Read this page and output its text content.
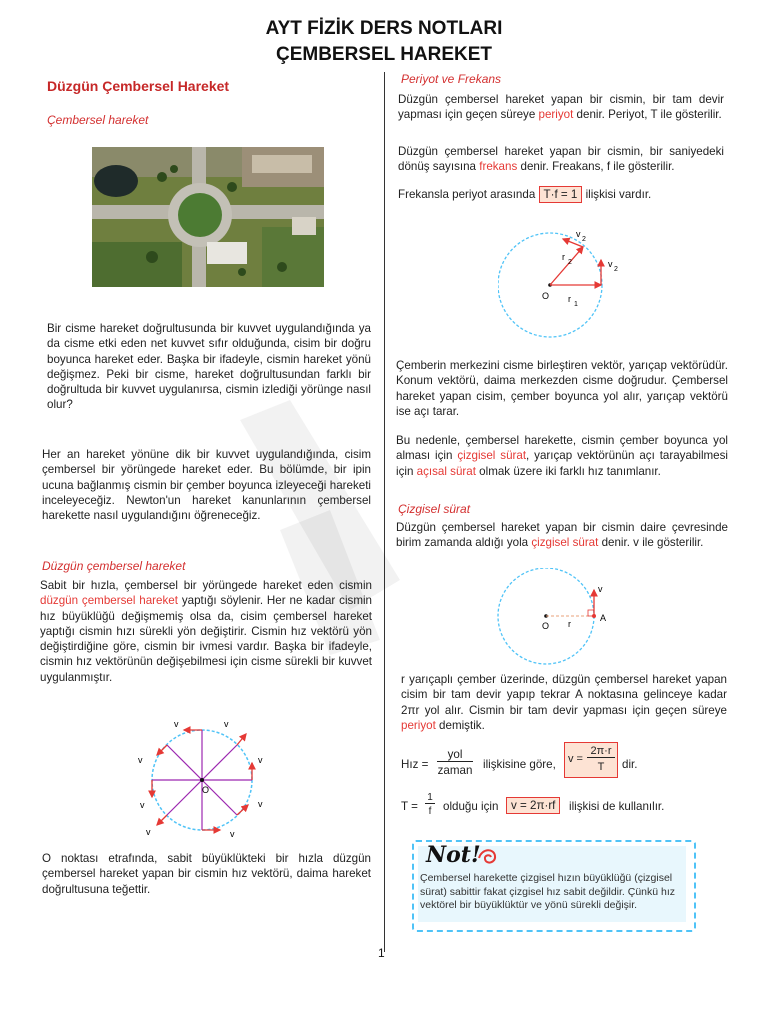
AYT FİZİK DERS NOTLARI
ÇEMBERSEL HAREKET
Düzgün Çembersel Hareket
Çembersel hareket
Bir cisme hareket doğrultusunda bir kuvvet uygulandığında ya da cisme etki eden net kuvvet sıfır olduğunda, cisim bir doğru boyunca hareket eder. Başka bir ifadeyle, cismin hareket yönü değişmez. Peki bir cisme, hareket doğrultusundan farklı bir doğrultuda bir kuvvet uygulanırsa, cismin izlediği yörünge nasıl olur?
Her an hareket yönüne dik bir kuvvet uygulandığında, cisim çembersel bir yörüngede hareket eder. Bu bölümde, bir ipin ucuna bağlanmış cismin bir çember boyunca izleyeceği hareketi inceleyeceğiz. Newton'un hareket kanunlarının çembersel harekette nasıl uygulandığını öğreneceğiz.
Düzgün çembersel hareket
Sabit bir hızla, çembersel bir yörüngede hareket eden cismin düzgün çembersel hareket yaptığı söylenir. Her ne kadar cismin hız büyüklüğü değişmemiş olsa da, cisim çembersel hareket yaptığı cismin hızı sürekli yön değiştirir. Cismin hız vektörü yön değiştirdiğine göre, cismin bir ivmesi vardır. Başka bir ifadeyle, cismin hız vektörünün değişebilmesi için cisme sürekli bir kuvvet uygulanmıştır.
O
v	v
v
v
v
v
v
v
O noktası etrafında, sabit büyüklükteki bir hızla düzgün çembersel hareket yapan bir cismin hız vektörü, daima hareket doğrultusuna teğettir.
Periyot ve Frekans
Düzgün çembersel hareket yapan bir cismin, bir tam devir yapması için geçen süreye periyot denir. Periyot, T ile gösterilir.
Düzgün çembersel hareket yapan bir cismin, bir saniyedeki dönüş sayısına frekans denir. Freakans, f ile gösterilir.
Frekansla periyot arasında T·f = 1 ilişkisi vardır.
O r
1
r
2
v
2
v
2
Çemberin merkezini cisme birleştiren vektör, yarıçap vektörüdür. Konum vektörü, daima merkezden cisme doğrudur. Çembersel hareket yapan cisim, çember boyunca yol alır, yarıçap vektörü ise açı tarar.
Bu nedenle, çembersel harekette, cismin çember boyunca yol alması için çizgisel sürat, yarıçap vektörünün açı tarayabilmesi için açısal sürat olmak üzere iki farklı hız tanımlanır.
Çizgisel sürat
Düzgün çembersel hareket yapan bir cismin daire çevresinde birim zamanda aldığı yola çizgisel sürat denir. v ile gösterilir.
O r
A
v
r yarıçaplı çember üzerinde, düzgün çembersel hareket yapan cisim bir tam devir yapıp tekrar A noktasına gelinceye kadar 2πr yol alır. Cismin bir tam devir yapması için geçen süreye periyot demiştik.
Hız =
yol
zaman ilişkisine göre, v =
2π·r
T	dir.
T =
1
f	olduğu için	v = 2π·rf	ilişkisi de kullanılır.
Not!
Çembersel harekette çizgisel hızın büyüklüğü (çizgisel sürat) sabittir fakat çizgisel hız sabit değildir. Çünkü hız vektörel bir büyüklüktür ve yönü sürekli değişir.
1
